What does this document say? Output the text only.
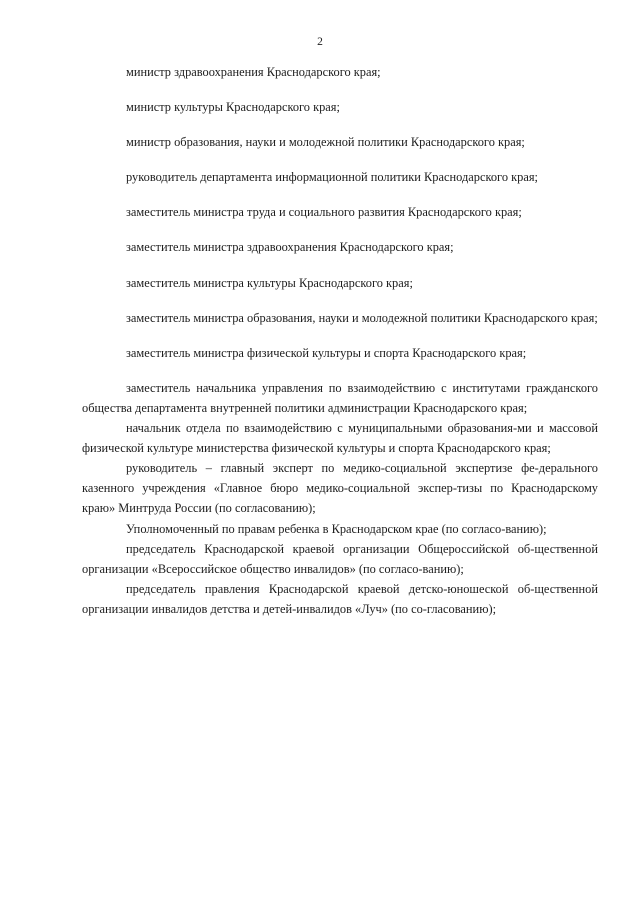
2

министр здравоохранения Краснодарского края;

министр культуры Краснодарского края;

министр образования, науки и молодежной политики Краснодарского края;

руководитель департамента информационной политики Краснодарского края;

заместитель министра труда и социального развития Краснодарского края;

заместитель министра здравоохранения Краснодарского края;

заместитель министра культуры Краснодарского края;

заместитель министра образования, науки и молодежной политики Краснодарского края;

заместитель министра физической культуры и спорта Краснодарского края;

заместитель начальника управления по взаимодействию с институтами гражданского общества департамента внутренней политики администрации Краснодарского края;

начальник отдела по взаимодействию с муниципальными образования-ми и массовой физической культуре министерства физической культуры и спорта Краснодарского края;

руководитель – главный эксперт по медико-социальной экспертизе фе-дерального казенного учреждения «Главное бюро медико-социальной экспер-тизы по Краснодарскому краю» Минтруда России (по согласованию);

Уполномоченный по правам ребенка в Краснодарском крае (по согласо-ванию);

председатель Краснодарской краевой организации Общероссийской об-щественной организации «Всероссийское общество инвалидов» (по согласо-ванию);

председатель правления Краснодарской краевой детско-юношеской об-щественной организации инвалидов детства и детей-инвалидов «Луч» (по со-гласованию);
